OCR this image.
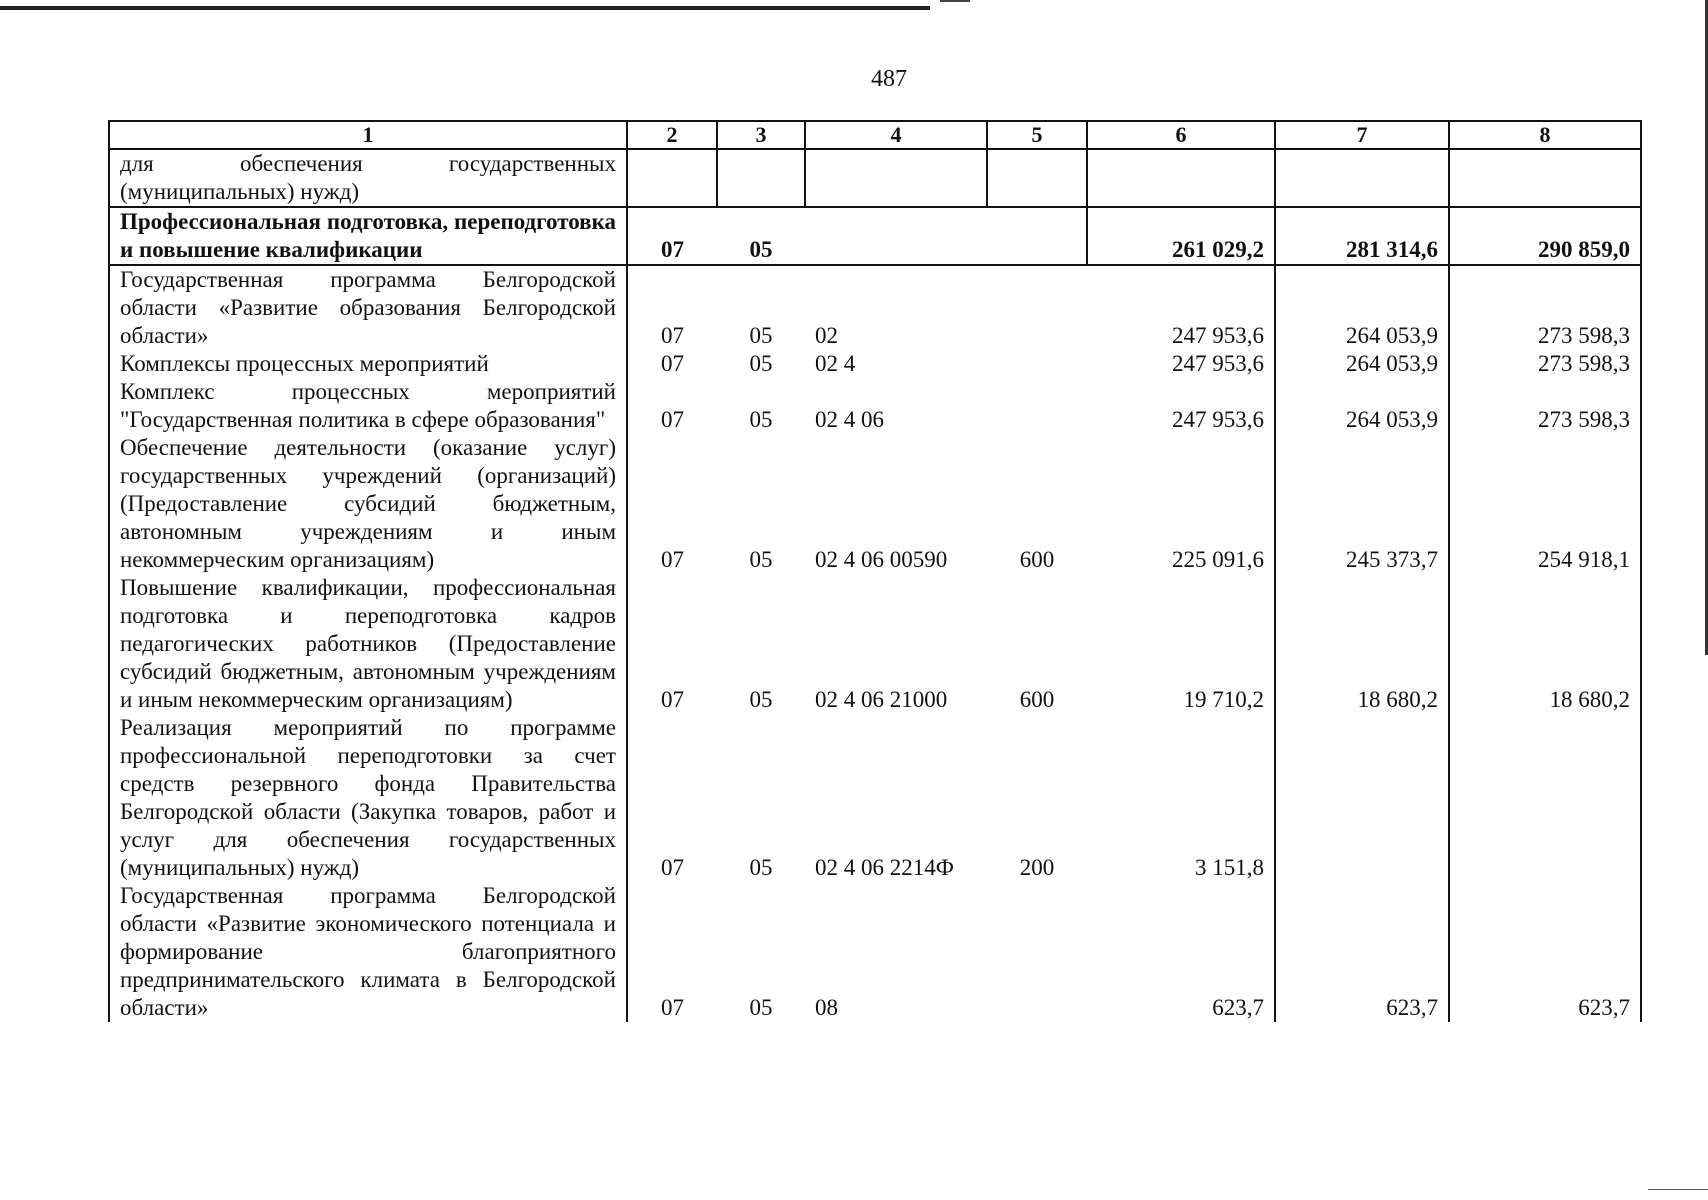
487
1	2	3	4	5	6	7	8

для обеспечения государственных (муниципальных) нужд)							

Профессиональная подготовка, переподготовка и повышение квалификации	07	05			261 029,2	281 314,6	290 859,0

Государственная программа Белгородской области «Развитие образования Белгородской области»	07	05	02		247 953,6	264 053,9	273 598,3

Комплексы процессных мероприятий	07	05	02 4		247 953,6	264 053,9	273 598,3

Комплекс процессных мероприятий "Государственная политика в сфере образования"	07	05	02 4 06		247 953,6	264 053,9	273 598,3

Обеспечение деятельности (оказание услуг) государственных учреждений (организаций) (Предоставление субсидий бюджетным, автономным учреждениям и иным некоммерческим организациям)	07	05	02 4 06 00590	600	225 091,6	245 373,7	254 918,1

Повышение квалификации, профессиональная подготовка и переподготовка кадров педагогических работников (Предоставление субсидий бюджетным, автономным учреждениям и иным некоммерческим организациям)	07	05	02 4 06 21000	600	19 710,2	18 680,2	18 680,2

Реализация мероприятий по программе профессиональной переподготовки за счет средств резервного фонда Правительства Белгородской области (Закупка товаров, работ и услуг для обеспечения государственных (муниципальных) нужд)	07	05	02 4 06 2214Ф	200	3 151,8		

Государственная программа Белгородской области «Развитие экономического потенциала и формирование благоприятного предпринимательского климата в Белгородской области»	07	05	08		623,7	623,7	623,7
